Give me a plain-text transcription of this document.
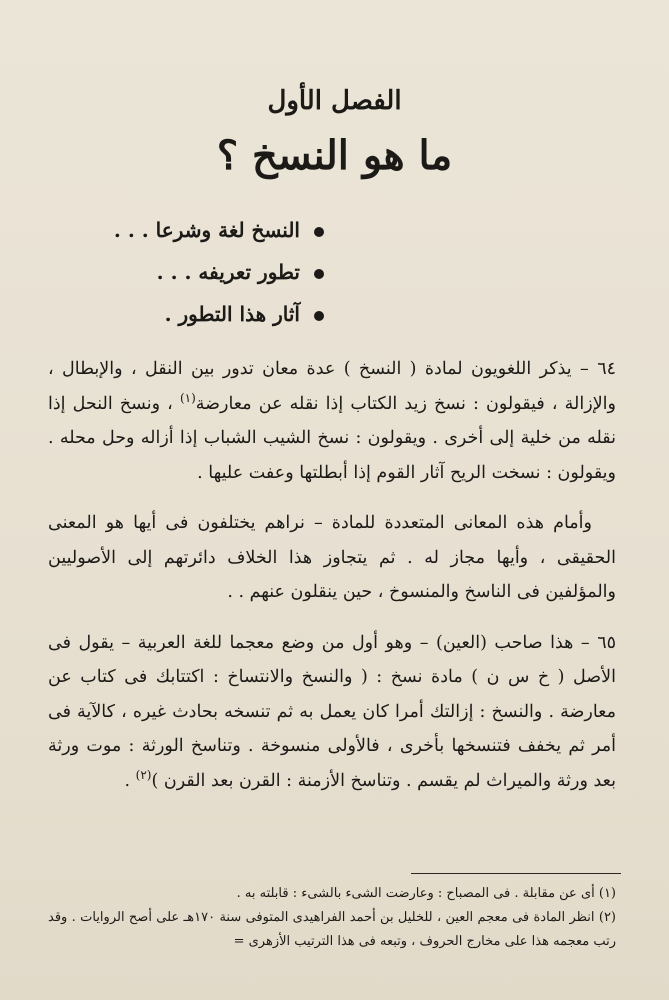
الفصل الأول
ما هو النسخ ؟
النسخ لغة وشرعا . . .
تطور تعريفه . . .
آثار هذا التطور .

٦٤ – يذكر اللغويون لمادة ( النسخ ) عدة معان تدور بين النقل ، والإبطال ، والإزالة ، فيقولون : نسخ زيد الكتاب إذا نقله عن معارضة$^{(١)}$ ، ونسخ النحل إذا نقله من خلية إلى أخرى . ويقولون : نسخ الشيب الشباب إذا أزاله وحل محله . ويقولون : نسخت الريح آثار القوم إذا أبطلتها وعفت عليها .

وأمام هذه المعانى المتعددة للمادة – نراهم يختلفون فى أيها هو المعنى الحقيقى ، وأيها مجاز له . ثم يتجاوز هذا الخلاف دائرتهم إلى الأصوليين والمؤلفين فى الناسخ والمنسوخ ، حين ينقلون عنهم . .

٦٥ – هذا صاحب (العين) – وهو أول من وضع معجما للغة العربية – يقول فى الأصل ( خ س ن ) مادة نسخ : ( والنسخ والانتساخ : اكتتابك فى كتاب عن معارضة . والنسخ : إزالتك أمرا كان يعمل به ثم تنسخه بحادث غيره ، كالآية فى أمر ثم يخفف فتنسخها بأخرى ، فالأولى منسوخة . وتناسخ الورثة : موت ورثة بعد ورثة والميراث لم يقسم . وتناسخ الأزمنة : القرن بعد القرن )$^{(٢)}$ .

(١) أى عن مقابلة . فى المصباح : وعارضت الشىء بالشىء : قابلته به .

(٢) انظر المادة فى معجم العين ، للخليل بن أحمد الفراهيدى المتوفى سنة ١٧٠هـ على أصح الروايات . وقد رتب معجمه هذا على مخارج الحروف ، وتبعه فى هذا الترتيب الأزهرى =
